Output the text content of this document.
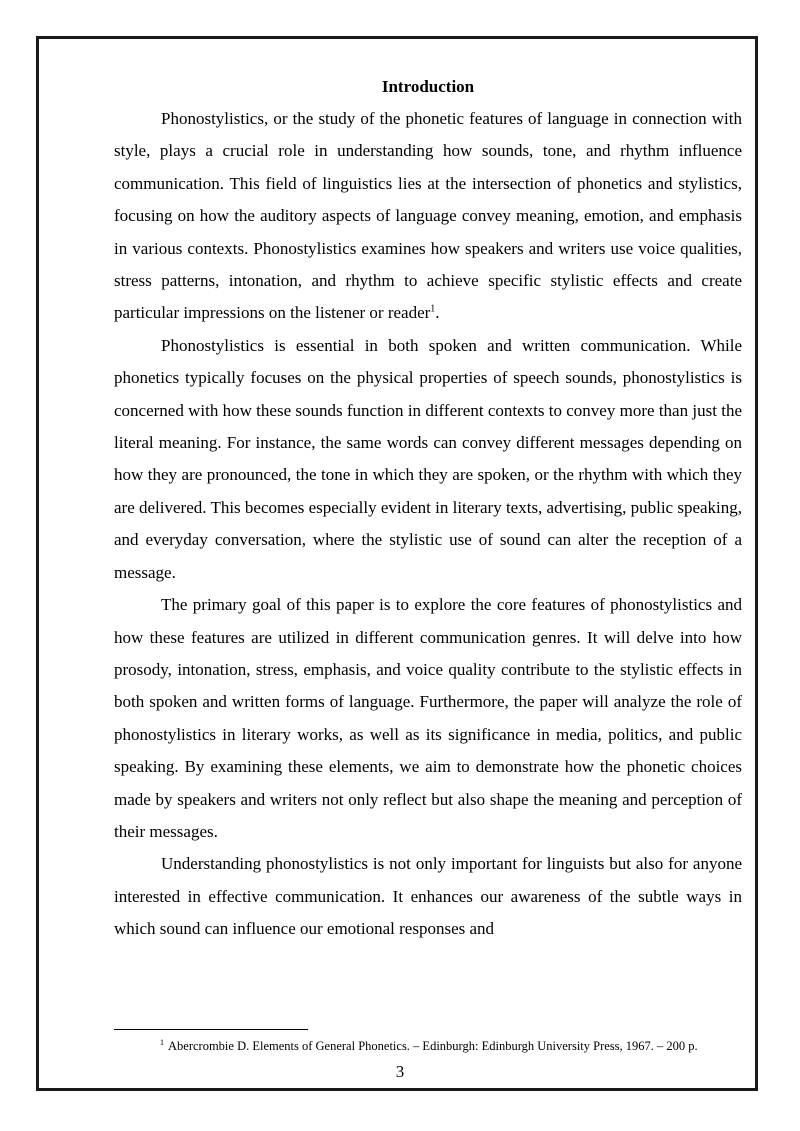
Introduction

Phonostylistics, or the study of the phonetic features of language in connection with style, plays a crucial role in understanding how sounds, tone, and rhythm influence communication. This field of linguistics lies at the intersection of phonetics and stylistics, focusing on how the auditory aspects of language convey meaning, emotion, and emphasis in various contexts. Phonostylistics examines how speakers and writers use voice qualities, stress patterns, intonation, and rhythm to achieve specific stylistic effects and create particular impressions on the listener or reader$^1$.

Phonostylistics is essential in both spoken and written communication. While phonetics typically focuses on the physical properties of speech sounds, phonostylistics is concerned with how these sounds function in different contexts to convey more than just the literal meaning. For instance, the same words can convey different messages depending on how they are pronounced, the tone in which they are spoken, or the rhythm with which they are delivered. This becomes especially evident in literary texts, advertising, public speaking, and everyday conversation, where the stylistic use of sound can alter the reception of a message.

The primary goal of this paper is to explore the core features of phonostylistics and how these features are utilized in different communication genres. It will delve into how prosody, intonation, stress, emphasis, and voice quality contribute to the stylistic effects in both spoken and written forms of language. Furthermore, the paper will analyze the role of phonostylistics in literary works, as well as its significance in media, politics, and public speaking. By examining these elements, we aim to demonstrate how the phonetic choices made by speakers and writers not only reflect but also shape the meaning and perception of their messages.

Understanding phonostylistics is not only important for linguists but also for anyone interested in effective communication. It enhances our awareness of the subtle ways in which sound can influence our emotional responses and

$^1$ Abercrombie D. Elements of General Phonetics. – Edinburgh: Edinburgh University Press, 1967. – 200 p.
3
